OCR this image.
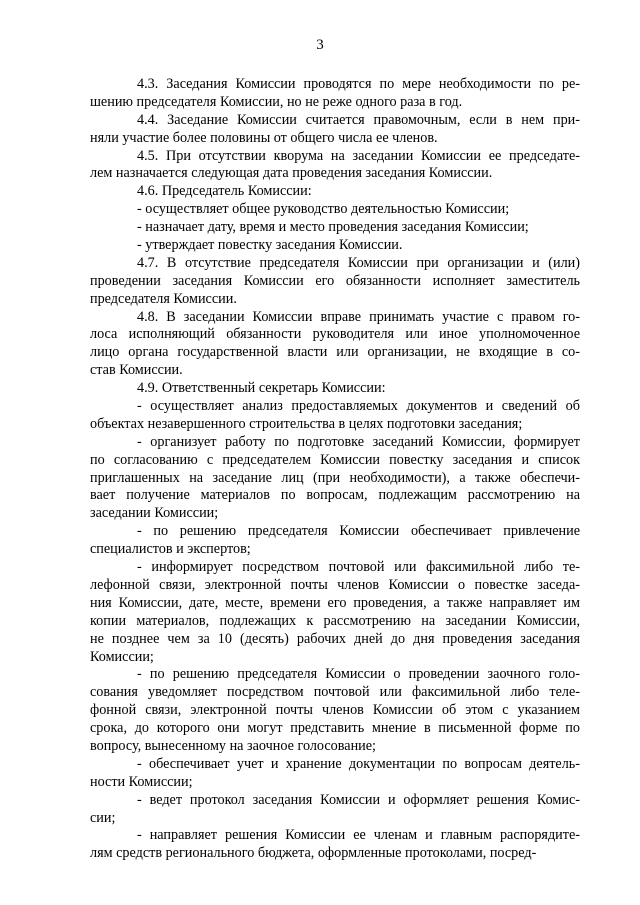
3
4.3. Заседания Комиссии проводятся по мере необходимости по ре-
шению председателя Комиссии, но не реже одного раза в год.
4.4. Заседание Комиссии считается правомочным, если в нем при-
няли участие более половины от общего числа ее членов.
4.5. При отсутствии кворума на заседании Комиссии ее председате-
лем назначается следующая дата проведения заседания Комиссии.
4.6. Председатель Комиссии:
- осуществляет общее руководство деятельностью Комиссии;
- назначает дату, время и место проведения заседания Комиссии;
- утверждает повестку заседания Комиссии.
4.7. В отсутствие председателя Комиссии при организации и (или)
проведении заседания Комиссии его обязанности исполняет заместитель
председателя Комиссии.
4.8. В заседании Комиссии вправе принимать участие с правом го-
лоса исполняющий обязанности руководителя или иное уполномоченное
лицо органа государственной власти или организации, не входящие в со-
став Комиссии.
4.9. Ответственный секретарь Комиссии:
- осуществляет анализ предоставляемых документов и сведений об
объектах незавершенного строительства в целях подготовки заседания;
- организует работу по подготовке заседаний Комиссии, формирует
по согласованию с председателем Комиссии повестку заседания и список
приглашенных на заседание лиц (при необходимости), а также обеспечи-
вает получение материалов по вопросам, подлежащим рассмотрению на
заседании Комиссии;
- по решению председателя Комиссии обеспечивает привлечение
специалистов и экспертов;
- информирует посредством почтовой или факсимильной либо те-
лефонной связи, электронной почты членов Комиссии о повестке заседа-
ния Комиссии, дате, месте, времени его проведения, а также направляет им
копии материалов, подлежащих к рассмотрению на заседании Комиссии,
не позднее чем за 10 (десять) рабочих дней до дня проведения заседания
Комиссии;
- по решению председателя Комиссии о проведении заочного голо-
сования уведомляет посредством почтовой или факсимильной либо теле-
фонной связи, электронной почты членов Комиссии об этом с указанием
срока, до которого они могут представить мнение в письменной форме по
вопросу, вынесенному на заочное голосование;
- обеспечивает учет и хранение документации по вопросам деятель-
ности Комиссии;
- ведет протокол заседания Комиссии и оформляет решения Комис-
сии;
- направляет решения Комиссии ее членам и главным распорядите-
лям средств регионального бюджета, оформленные протоколами, посред-
